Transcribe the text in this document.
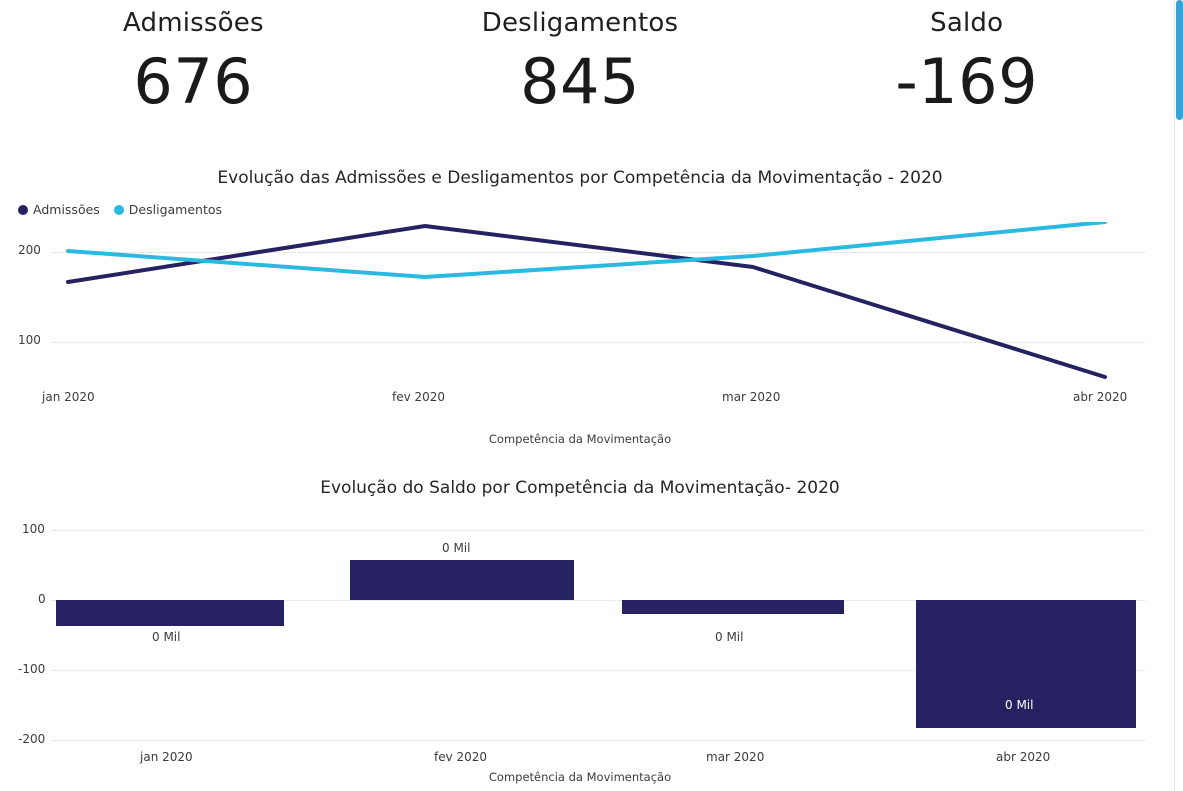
Admissões
676
Desligamentos
845
Saldo
-169
Evolução das Admissões e Desligamentos por Competência da Movimentação - 2020
Admissões Desligamentos
100
200
jan 2020	fev 2020	mar 2020	abr 2020
Competência da Movimentação
Evolução do Saldo por Competência da Movimentação- 2020
100
0
-100
-200
0 Mil
0 Mil
0 Mil
0 Mil
jan 2020	fev 2020	mar 2020	abr 2020
Competência da Movimentação
